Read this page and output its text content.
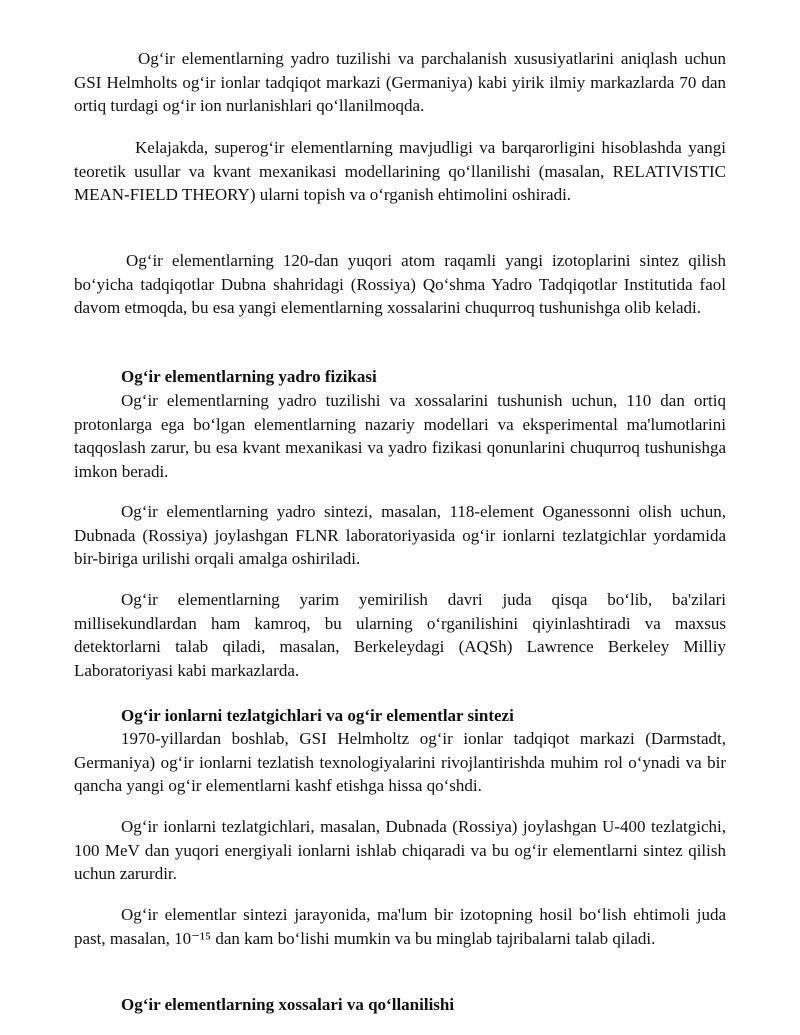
Og‘ir elementlarning yadro tuzilishi va parchalanish xususiyatlarini aniqlash uchun GSI Helmholts og‘ir ionlar tadqiqot markazi (Germaniya) kabi yirik ilmiy markazlarda 70 dan ortiq turdagi og‘ir ion nurlanishlari qo‘llanilmoqda.

Kelajakda, superog‘ir elementlarning mavjudligi va barqarorligini hisoblashda yangi teoretik usullar va kvant mexanikasi modellarining qo‘llanilishi (masalan, RELATIVISTIC MEAN-FIELD THEORY) ularni topish va o‘rganish ehtimolini oshiradi.

Og‘ir elementlarning 120-dan yuqori atom raqamli yangi izotoplarini sintez qilish bo‘yicha tadqiqotlar Dubna shahridagi (Rossiya) Qo‘shma Yadro Tadqiqotlar Institutida faol davom etmoqda, bu esa yangi elementlarning xossalarini chuqurroq tushunishga olib keladi.

Og‘ir elementlarning yadro fizikasi

Og‘ir elementlarning yadro tuzilishi va xossalarini tushunish uchun, 110 dan ortiq protonlarga ega bo‘lgan elementlarning nazariy modellari va eksperimental ma'lumotlarini taqqoslash zarur, bu esa kvant mexanikasi va yadro fizikasi qonunlarini chuqurroq tushunishga imkon beradi.

Og‘ir elementlarning yadro sintezi, masalan, 118-element Oganessonni olish uchun, Dubnada (Rossiya) joylashgan FLNR laboratoriyasida og‘ir ionlarni tezlatgichlar yordamida bir-biriga urilishi orqali amalga oshiriladi.

Og‘ir elementlarning yarim yemirilish davri juda qisqa bo‘lib, ba'zilari millisekundlardan ham kamroq, bu ularning o‘rganilishini qiyinlashtiradi va maxsus detektorlarni talab qiladi, masalan, Berkeleydagi (AQSh) Lawrence Berkeley Milliy Laboratoriyasi kabi markazlarda.

Og‘ir ionlarni tezlatgichlari va og‘ir elementlar sintezi

1970-yillardan boshlab, GSI Helmholtz og‘ir ionlar tadqiqot markazi (Darmstadt, Germaniya) og‘ir ionlarni tezlatish texnologiyalarini rivojlantirishda muhim rol o‘ynadi va bir qancha yangi og‘ir elementlarni kashf etishga hissa qo‘shdi.

Og‘ir ionlarni tezlatgichlari, masalan, Dubnada (Rossiya) joylashgan U-400 tezlatgichi, 100 MeV dan yuqori energiyali ionlarni ishlab chiqaradi va bu og‘ir elementlarni sintez qilish uchun zarurdir.

Og‘ir elementlar sintezi jarayonida, ma'lum bir izotopning hosil bo‘lish ehtimoli juda past, masalan, 10⁻¹⁵ dan kam bo‘lishi mumkin va bu minglab tajribalarni talab qiladi.

Og‘ir elementlarning xossalari va qo‘llanilishi
